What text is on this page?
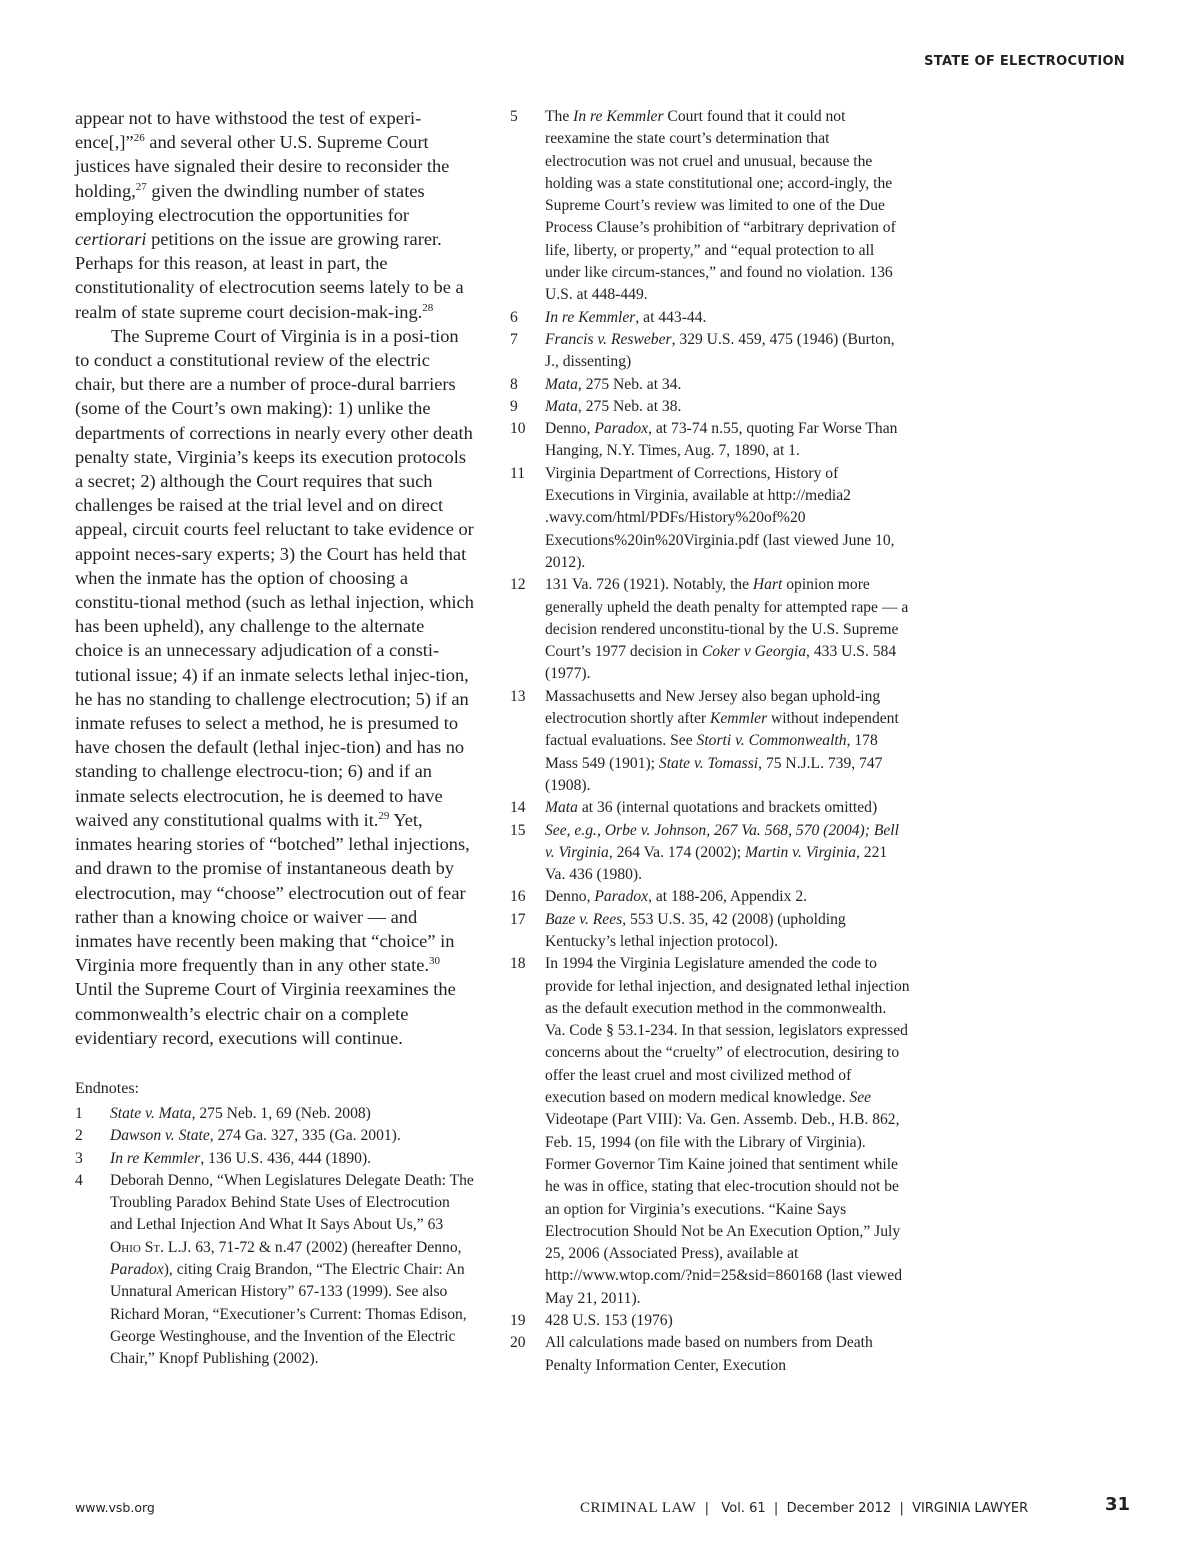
STATE OF ELECTROCUTION

appear not to have withstood the test of experi-ence[,]”$^{26}$ and several other U.S. Supreme Court justices have signaled their desire to reconsider the holding,$^{27}$ given the dwindling number of states employing electrocution the opportunities for certiorari petitions on the issue are growing rarer. Perhaps for this reason, at least in part, the constitutionality of electrocution seems lately to be a realm of state supreme court decision-mak-ing.$^{28}$

The Supreme Court of Virginia is in a posi-tion to conduct a constitutional review of the electric chair, but there are a number of proce-dural barriers (some of the Court’s own making): 1) unlike the departments of corrections in nearly every other death penalty state, Virginia’s keeps its execution protocols a secret; 2) although the Court requires that such challenges be raised at the trial level and on direct appeal, circuit courts feel reluctant to take evidence or appoint neces-sary experts; 3) the Court has held that when the inmate has the option of choosing a constitu-tional method (such as lethal injection, which has been upheld), any challenge to the alternate choice is an unnecessary adjudication of a consti-tutional issue; 4) if an inmate selects lethal injec-tion, he has no standing to challenge electrocution; 5) if an inmate refuses to select a method, he is presumed to have chosen the default (lethal injec-tion) and has no standing to challenge electrocu-tion; 6) and if an inmate selects electrocution, he is deemed to have waived any constitutional qualms with it.$^{29}$ Yet, inmates hearing stories of “botched” lethal injections, and drawn to the promise of instantaneous death by electrocution, may “choose” electrocution out of fear rather than a knowing choice or waiver — and inmates have recently been making that “choice” in Virginia more frequently than in any other state.$^{30}$ Until the Supreme Court of Virginia reexamines the commonwealth’s electric chair on a complete evidentiary record, executions will continue.

Endnotes:
1	State v. Mata, 275 Neb. 1, 69 (Neb. 2008)
2	Dawson v. State, 274 Ga. 327, 335 (Ga. 2001).
3	In re Kemmler, 136 U.S. 436, 444 (1890).
4	Deborah Denno, “When Legislatures Delegate Death: The Troubling Paradox Behind State Uses of Electrocution and Lethal Injection And What It Says About Us,” 63 Ohio St. L.J. 63, 71-72 & n.47 (2002) (hereafter Denno, Paradox), citing Craig Brandon, “The Electric Chair: An Unnatural American History” 67-133 (1999). See also Richard Moran, “Executioner’s Current: Thomas Edison, George Westinghouse, and the Invention of the Electric Chair,” Knopf Publishing (2002).
5	The In re Kemmler Court found that it could not reexamine the state court’s determination that electrocution was not cruel and unusual, because the holding was a state constitutional one; accord-ingly, the Supreme Court’s review was limited to one of the Due Process Clause’s prohibition of “arbitrary deprivation of life, liberty, or property,” and “equal protection to all under like circum-stances,” and found no violation. 136 U.S. at 448-449.
6	In re Kemmler, at 443-44.
7	Francis v. Resweber, 329 U.S. 459, 475 (1946) (Burton, J., dissenting)
8	Mata, 275 Neb. at 34.
9	Mata, 275 Neb. at 38.
10	Denno, Paradox, at 73-74 n.55, quoting Far Worse Than Hanging, N.Y. Times, Aug. 7, 1890, at 1.
11	Virginia Department of Corrections, History of Executions in Virginia, available at http://media2 .wavy.com/html/PDFs/History%20of%20 Executions%20in%20Virginia.pdf (last viewed June 10, 2012).
12	131 Va. 726 (1921). Notably, the Hart opinion more generally upheld the death penalty for attempted rape — a decision rendered unconstitu-tional by the U.S. Supreme Court’s 1977 decision in Coker v Georgia, 433 U.S. 584 (1977).
13	Massachusetts and New Jersey also began uphold-ing electrocution shortly after Kemmler without independent factual evaluations. See Storti v. Commonwealth, 178 Mass 549 (1901); State v. Tomassi, 75 N.J.L. 739, 747 (1908).
14	Mata at 36 (internal quotations and brackets omitted)
15	See, e.g., Orbe v. Johnson, 267 Va. 568, 570 (2004); Bell v. Virginia, 264 Va. 174 (2002); Martin v. Virginia, 221 Va. 436 (1980).
16	Denno, Paradox, at 188-206, Appendix 2.
17	Baze v. Rees, 553 U.S. 35, 42 (2008) (upholding Kentucky’s lethal injection protocol).
18	In 1994 the Virginia Legislature amended the code to provide for lethal injection, and designated lethal injection as the default execution method in the commonwealth. Va. Code § 53.1-234. In that session, legislators expressed concerns about the “cruelty” of electrocution, desiring to offer the least cruel and most civilized method of execution based on modern medical knowledge. See Videotape (Part VIII): Va. Gen. Assemb. Deb., H.B. 862, Feb. 15, 1994 (on file with the Library of Virginia). Former Governor Tim Kaine joined that sentiment while he was in office, stating that elec-trocution should not be an option for Virginia’s executions. “Kaine Says Electrocution Should Not be An Execution Option,” July 25, 2006 (Associated Press), available at http://www.wtop.com/?nid=25&sid=860168 (last viewed May 21, 2011).
19	428 U.S. 153 (1976)
20	All calculations made based on numbers from Death Penalty Information Center, Execution
www.vsb.org	CRIMINAL LAW | Vol. 61 | December 2012 | VIRGINIA LAWYER	31
